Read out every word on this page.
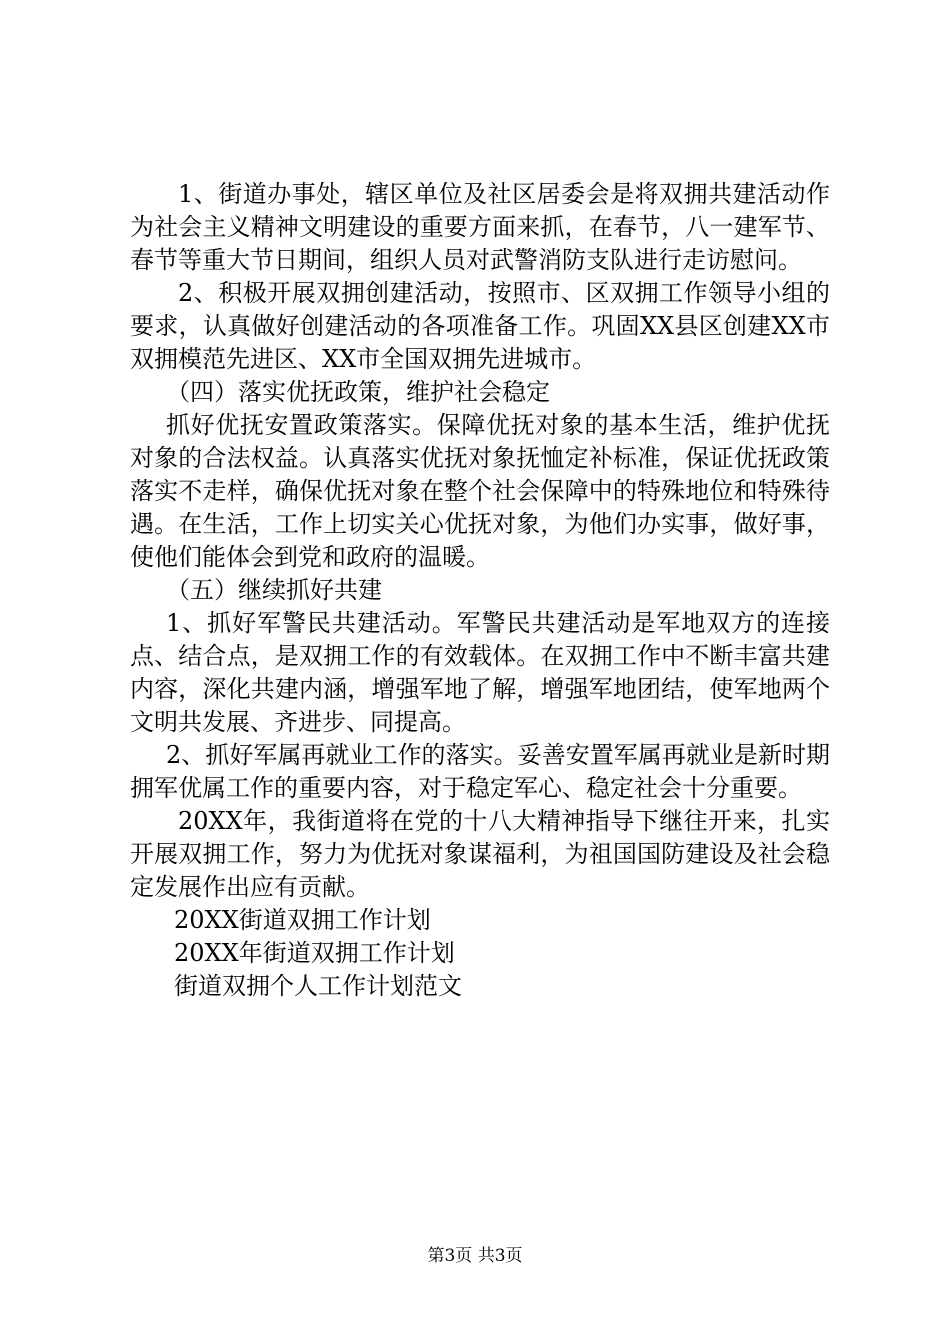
1、街道办事处，辖区单位及社区居委会是将双拥共建活动作为社会主义精神文明建设的重要方面来抓，在春节，八一建军节、春节等重大节日期间，组织人员对武警消防支队进行走访慰问。

2、积极开展双拥创建活动，按照市、区双拥工作领导小组的要求，认真做好创建活动的各项准备工作。巩固XX县区创建XX市双拥模范先进区、XX市全国双拥先进城市。

（四）落实优抚政策，维护社会稳定

抓好优抚安置政策落实。保障优抚对象的基本生活，维护优抚对象的合法权益。认真落实优抚对象抚恤定补标准，保证优抚政策落实不走样，确保优抚对象在整个社会保障中的特殊地位和特殊待遇。在生活，工作上切实关心优抚对象，为他们办实事，做好事，使他们能体会到党和政府的温暖。

（五）继续抓好共建

1、抓好军警民共建活动。军警民共建活动是军地双方的连接点、结合点，是双拥工作的有效载体。在双拥工作中不断丰富共建内容，深化共建内涵，增强军地了解，增强军地团结，使军地两个文明共发展、齐进步、同提高。

2、抓好军属再就业工作的落实。妥善安置军属再就业是新时期拥军优属工作的重要内容，对于稳定军心、稳定社会十分重要。

20XX年，我街道将在党的十八大精神指导下继往开来，扎实开展双拥工作，努力为优抚对象谋福利，为祖国国防建设及社会稳定发展作出应有贡献。

20XX街道双拥工作计划

20XX年街道双拥工作计划

街道双拥个人工作计划范文

第3页 共3页
